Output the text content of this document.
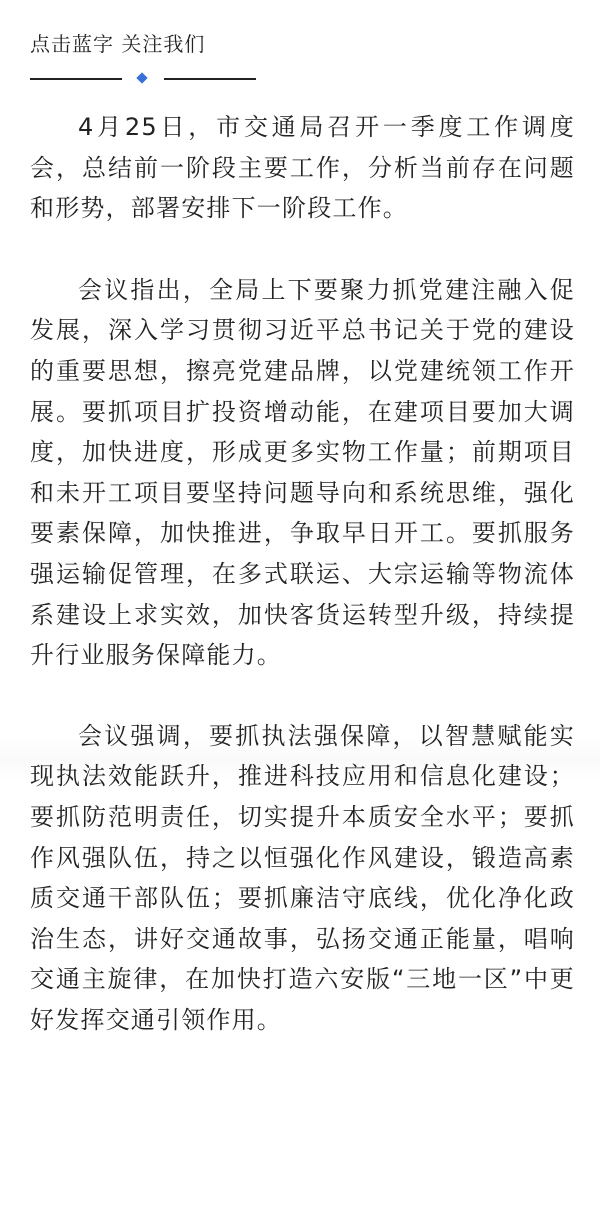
点击蓝字 关注我们

4月25日，市交通局召开一季度工作调度会，总结前一阶段主要工作，分析当前存在问题和形势，部署安排下一阶段工作。

会议指出，全局上下要聚力抓党建注融入促发展，深入学习贯彻习近平总书记关于党的建设的重要思想，擦亮党建品牌，以党建统领工作开展。要抓项目扩投资增动能，在建项目要加大调度，加快进度，形成更多实物工作量；前期项目和未开工项目要坚持问题导向和系统思维，强化要素保障，加快推进，争取早日开工。要抓服务强运输促管理，在多式联运、大宗运输等物流体系建设上求实效，加快客货运转型升级，持续提升行业服务保障能力。

会议强调，要抓执法强保障，以智慧赋能实现执法效能跃升，推进科技应用和信息化建设；要抓防范明责任，切实提升本质安全水平；要抓作风强队伍，持之以恒强化作风建设，锻造高素质交通干部队伍；要抓廉洁守底线，优化净化政治生态，讲好交通故事，弘扬交通正能量，唱响交通主旋律，在加快打造六安版“三地一区”中更好发挥交通引领作用。
